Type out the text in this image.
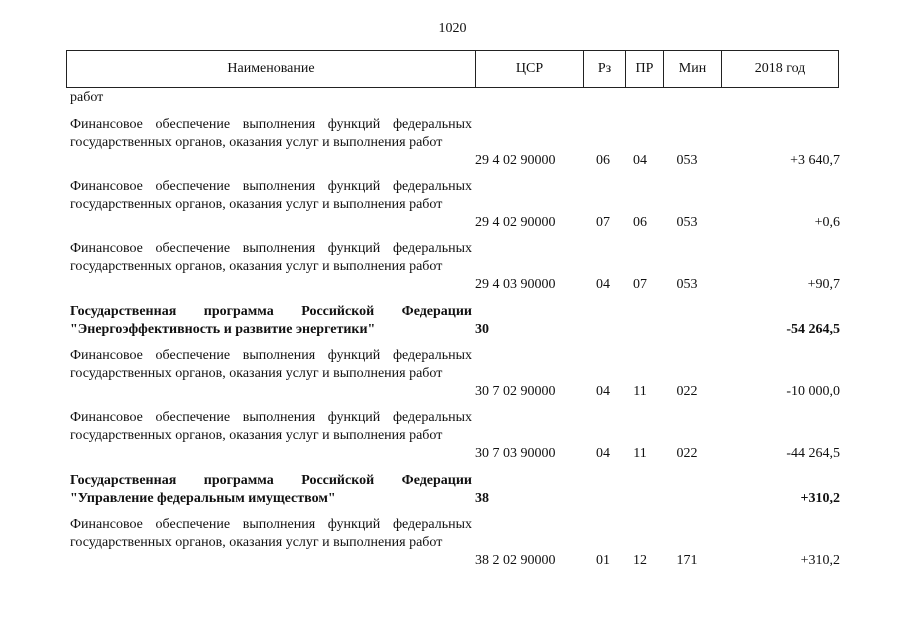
1020
Наименование	ЦСР	Рз	ПР	Мин	2018 год
работ
Финансовое обеспечение выполнения функций федеральных государственных органов, оказания услуг и выполнения работ
29 4 02 90000	06	04	053	+3 640,7
Финансовое обеспечение выполнения функций федеральных государственных органов, оказания услуг и выполнения работ
29 4 02 90000	07	06	053	+0,6
Финансовое обеспечение выполнения функций федеральных государственных органов, оказания услуг и выполнения работ
29 4 03 90000	04	07	053	+90,7
Государственная программа Российской Федерации "Энергоэффективность и развитие энергетики"	30	-54 264,5
Финансовое обеспечение выполнения функций федеральных государственных органов, оказания услуг и выполнения работ
30 7 02 90000	04	11	022	-10 000,0
Финансовое обеспечение выполнения функций федеральных государственных органов, оказания услуг и выполнения работ
30 7 03 90000	04	11	022	-44 264,5
Государственная программа Российской Федерации "Управление федеральным имуществом"	38	+310,2
Финансовое обеспечение выполнения функций федеральных государственных органов, оказания услуг и выполнения работ
38 2 02 90000	01	12	171	+310,2
